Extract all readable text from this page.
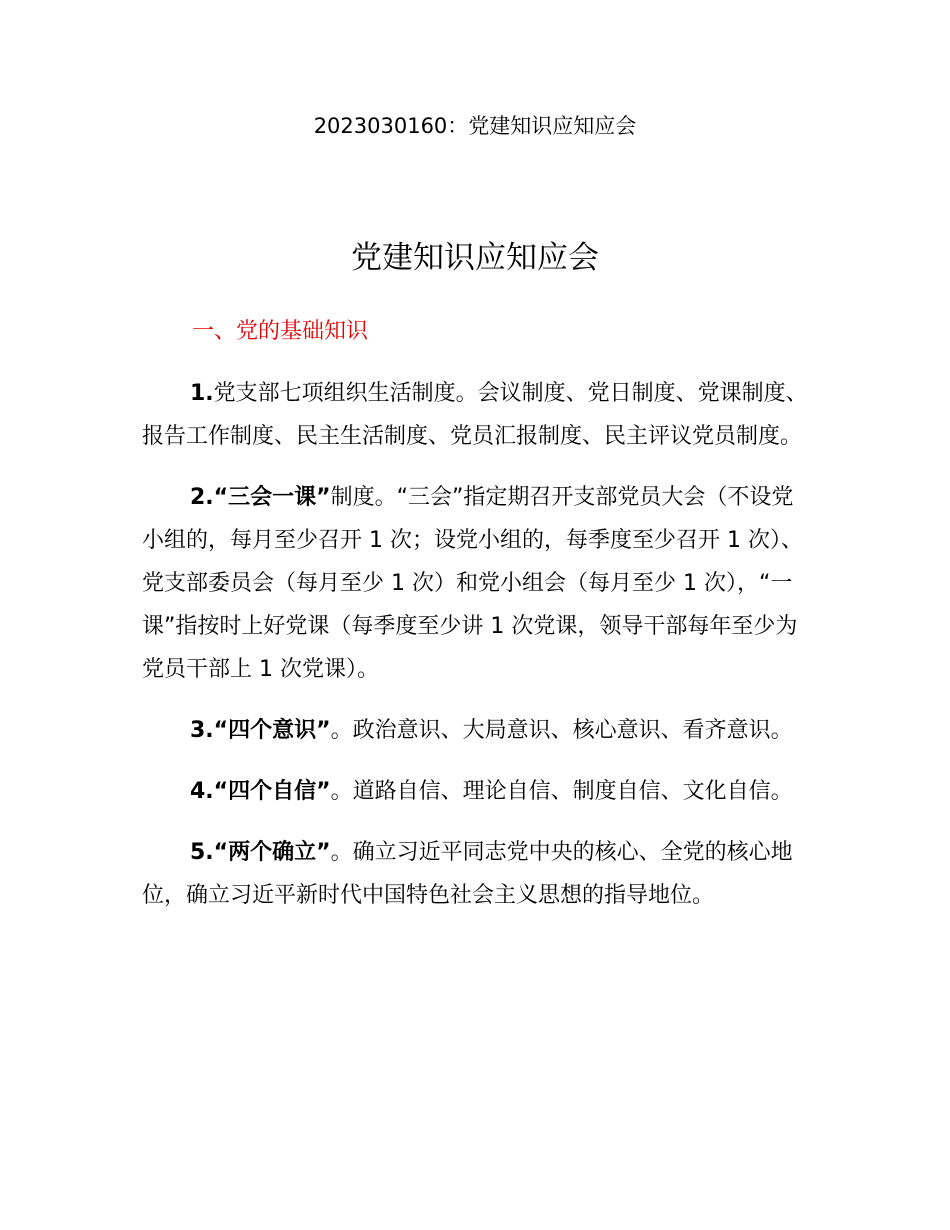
2023030160：党建知识应知应会
党建知识应知应会
一、党的基础知识

1.党支部七项组织生活制度。会议制度、党日制度、党课制度、报告工作制度、民主生活制度、党员汇报制度、民主评议党员制度。

2.“三会一课”制度。“三会”指定期召开支部党员大会（不设党小组的，每月至少召开 1 次；设党小组的，每季度至少召开 1 次）、党支部委员会（每月至少 1 次）和党小组会（每月至少 1 次），“一课”指按时上好党课（每季度至少讲 1 次党课，领导干部每年至少为党员干部上 1 次党课）。

3.“四个意识”。政治意识、大局意识、核心意识、看齐意识。

4.“四个自信”。道路自信、理论自信、制度自信、文化自信。

5.“两个确立”。确立习近平同志党中央的核心、全党的核心地位，确立习近平新时代中国特色社会主义思想的指导地位。
